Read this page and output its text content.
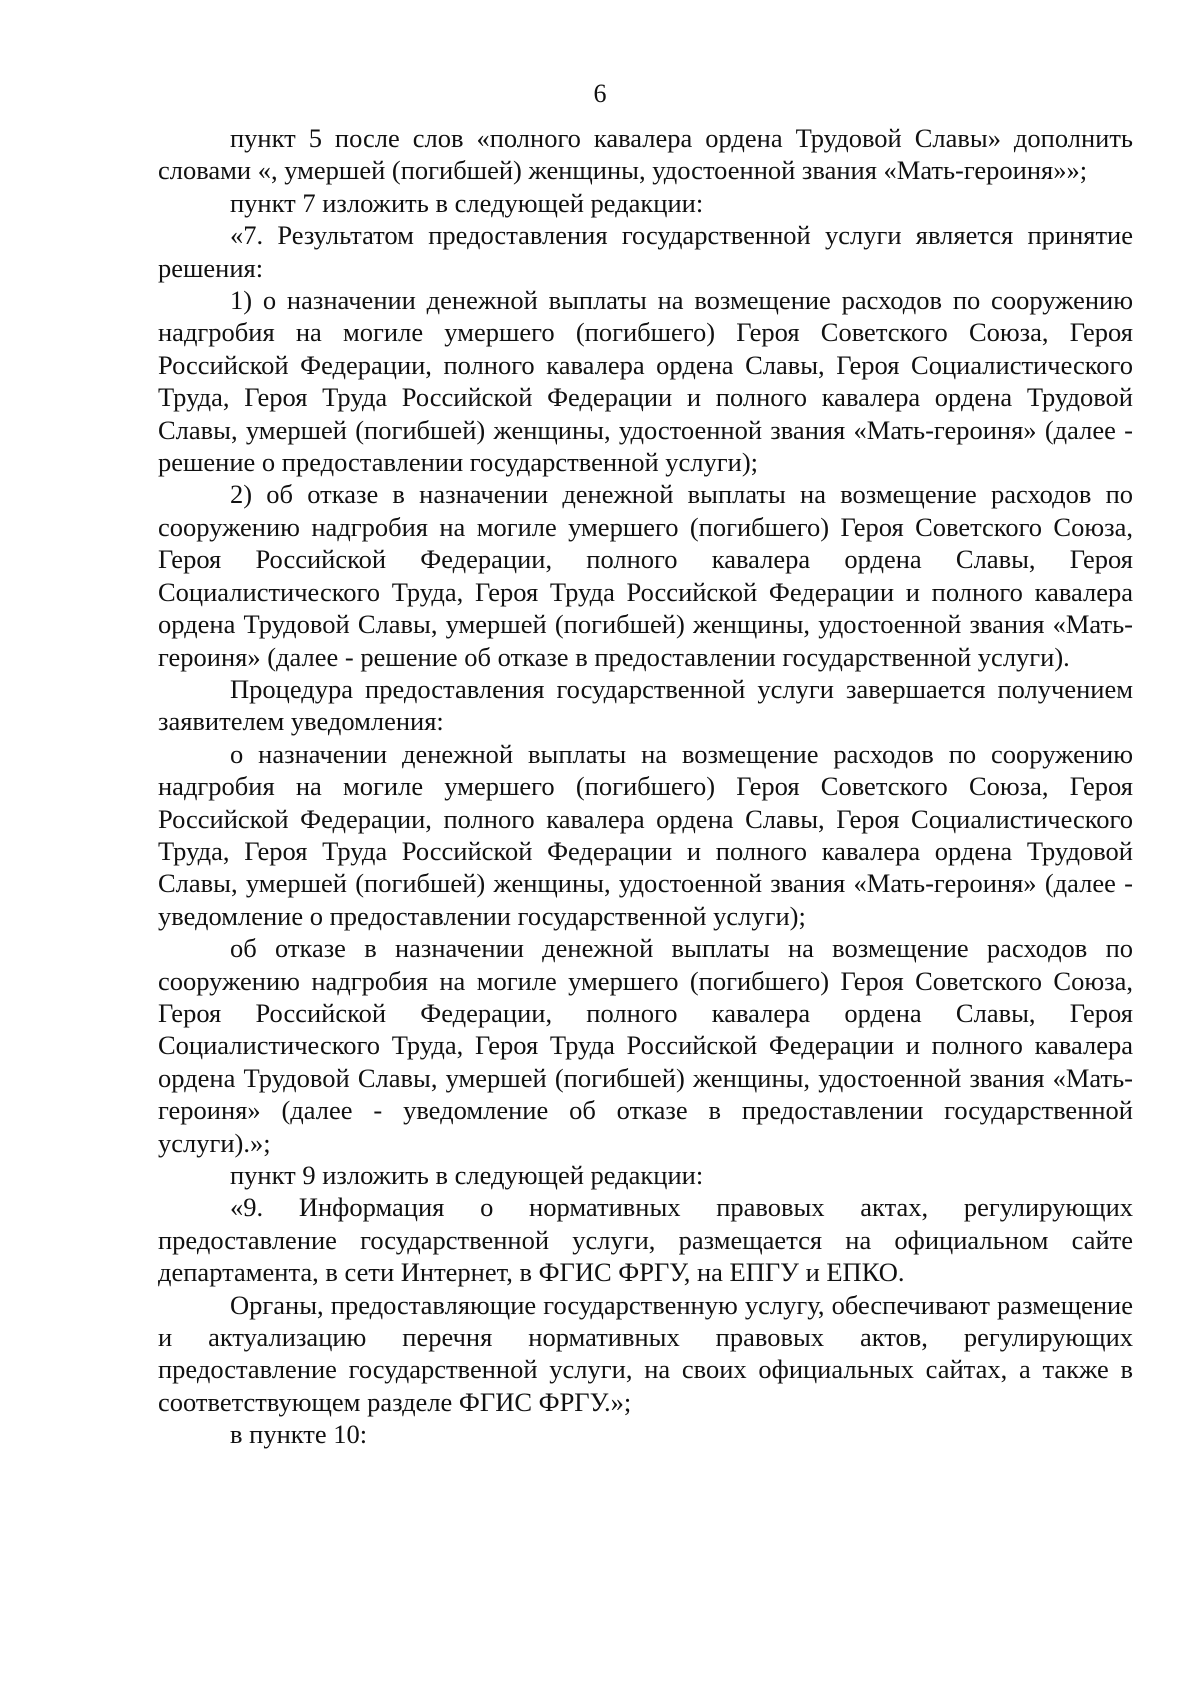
6

пункт 5 после слов «полного кавалера ордена Трудовой Славы» дополнить словами «, умершей (погибшей) женщины, удостоенной звания «Мать-героиня»»;

пункт 7 изложить в следующей редакции:

«7. Результатом предоставления государственной услуги является принятие решения:

1) о назначении денежной выплаты на возмещение расходов по сооружению надгробия на могиле умершего (погибшего) Героя Советского Союза, Героя Российской Федерации, полного кавалера ордена Славы, Героя Социалистического Труда, Героя Труда Российской Федерации и полного кавалера ордена Трудовой Славы, умершей (погибшей) женщины, удостоенной звания «Мать-героиня» (далее - решение о предоставлении государственной услуги);

2) об отказе в назначении денежной выплаты на возмещение расходов по сооружению надгробия на могиле умершего (погибшего) Героя Советского Союза, Героя Российской Федерации, полного кавалера ордена Славы, Героя Социалистического Труда, Героя Труда Российской Федерации и полного кавалера ордена Трудовой Славы, умершей (погибшей) женщины, удостоенной звания «Мать-героиня» (далее - решение об отказе в предоставлении государственной услуги).

Процедура предоставления государственной услуги завершается получением заявителем уведомления:

о назначении денежной выплаты на возмещение расходов по сооружению надгробия на могиле умершего (погибшего) Героя Советского Союза, Героя Российской Федерации, полного кавалера ордена Славы, Героя Социалистического Труда, Героя Труда Российской Федерации и полного кавалера ордена Трудовой Славы, умершей (погибшей) женщины, удостоенной звания «Мать-героиня» (далее - уведомление о предоставлении государственной услуги);

об отказе в назначении денежной выплаты на возмещение расходов по сооружению надгробия на могиле умершего (погибшего) Героя Советского Союза, Героя Российской Федерации, полного кавалера ордена Славы, Героя Социалистического Труда, Героя Труда Российской Федерации и полного кавалера ордена Трудовой Славы, умершей (погибшей) женщины, удостоенной звания «Мать-героиня» (далее - уведомление об отказе в предоставлении государственной услуги).»;

пункт 9 изложить в следующей редакции:

«9. Информация о нормативных правовых актах, регулирующих предоставление государственной услуги, размещается на официальном сайте департамента, в сети Интернет, в ФГИС ФРГУ, на ЕПГУ и ЕПКО.

Органы, предоставляющие государственную услугу, обеспечивают размещение и актуализацию перечня нормативных правовых актов, регулирующих предоставление государственной услуги, на своих официальных сайтах, а также в соответствующем разделе ФГИС ФРГУ.»;

в пункте 10:
